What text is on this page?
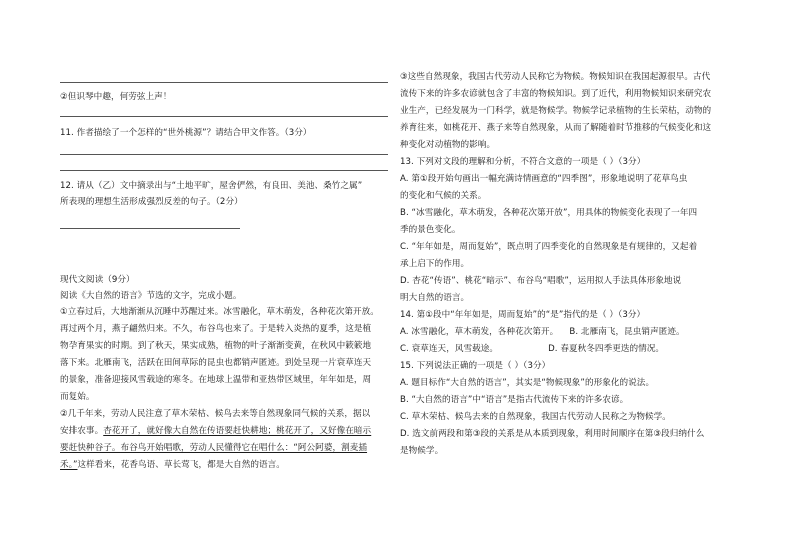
②但识琴中趣，何劳弦上声！
11. 作者描绘了一个怎样的“世外桃源”？请结合甲文作答。（3分）
12. 请从（乙）文中摘录出与“土地平旷，屋舍俨然，有良田、美池、桑竹之属”
所表现的理想生活形成强烈反差的句子。（2分）
现代文阅读（9分）
阅读《大自然的语言》节选的文字，完成小题。
①立春过后，大地渐渐从沉睡中苏醒过来。冰雪融化，草木萌发，各种花次第开放。
再过两个月，燕子翩然归来。不久，布谷鸟也来了。于是转入炎热的夏季，这是植
物孕育果实的时期。到了秋天，果实成熟，植物的叶子渐渐变黄，在秋风中簌簌地
落下来。北雁南飞，活跃在田间草际的昆虫也都销声匿迹。到处呈现一片衰草连天
的景象，准备迎接风雪载途的寒冬。在地球上温带和亚热带区域里，年年如是，周
而复始。
②几千年来，劳动人民注意了草木荣枯、候鸟去来等自然现象同气候的关系，据以
安排农事。杏花开了，就好像大自然在传语要赶快耕地；桃花开了，又好像在暗示
要赶快种谷子。布谷鸟开始唱歌，劳动人民懂得它在唱什么：“阿公阿婆，割麦插
禾。”这样看来，花香鸟语、草长莺飞，都是大自然的语言。
③这些自然现象，我国古代劳动人民称它为物候。物候知识在我国起源很早。古代
流传下来的许多农谚就包含了丰富的物候知识。到了近代，利用物候知识来研究农
业生产，已经发展为一门科学，就是物候学。物候学记录植物的生长荣枯，动物的
养育往来，如桃花开、燕子来等自然现象，从而了解随着时节推移的气候变化和这
种变化对动植物的影响。
13. 下列对文段的理解和分析，不符合文意的一项是（ ）（3分）
A. 第①段开始句画出一幅充满诗情画意的“四季图”，形象地说明了花草鸟虫
的变化和气候的关系。
B. “冰雪融化，草木萌发，各种花次第开放”，用具体的物候变化表现了一年四
季的景色变化。
C. “年年如是，周而复始”，既点明了四季变化的自然现象是有规律的，又起着
承上启下的作用。
D. 杏花“传语”、桃花“暗示”、布谷鸟“唱歌”，运用拟人手法具体形象地说
明大自然的语言。
14. 第①段中“年年如是，周而复始”的“是”指代的是（ ）（3分）
A. 冰雪融化，草木萌发，各种花次第开。    B. 北雁南飞，昆虫销声匿迹。
C. 衰草连天，风雪载途。                  D. 春夏秋冬四季更迭的情况。
15. 下列说法正确的一项是（ ）（3分）
A. 题目标作“大自然的语言”，其实是“物候现象”的形象化的说法。
B. “大自然的语言”中“语言”是指古代流传下来的许多农谚。
C. 草木荣枯、候鸟去来的自然现象，我国古代劳动人民称之为物候学。
D. 选文前两段和第③段的关系是从本质到现象，利用时间顺序在第③段归纳什么
是物候学。
